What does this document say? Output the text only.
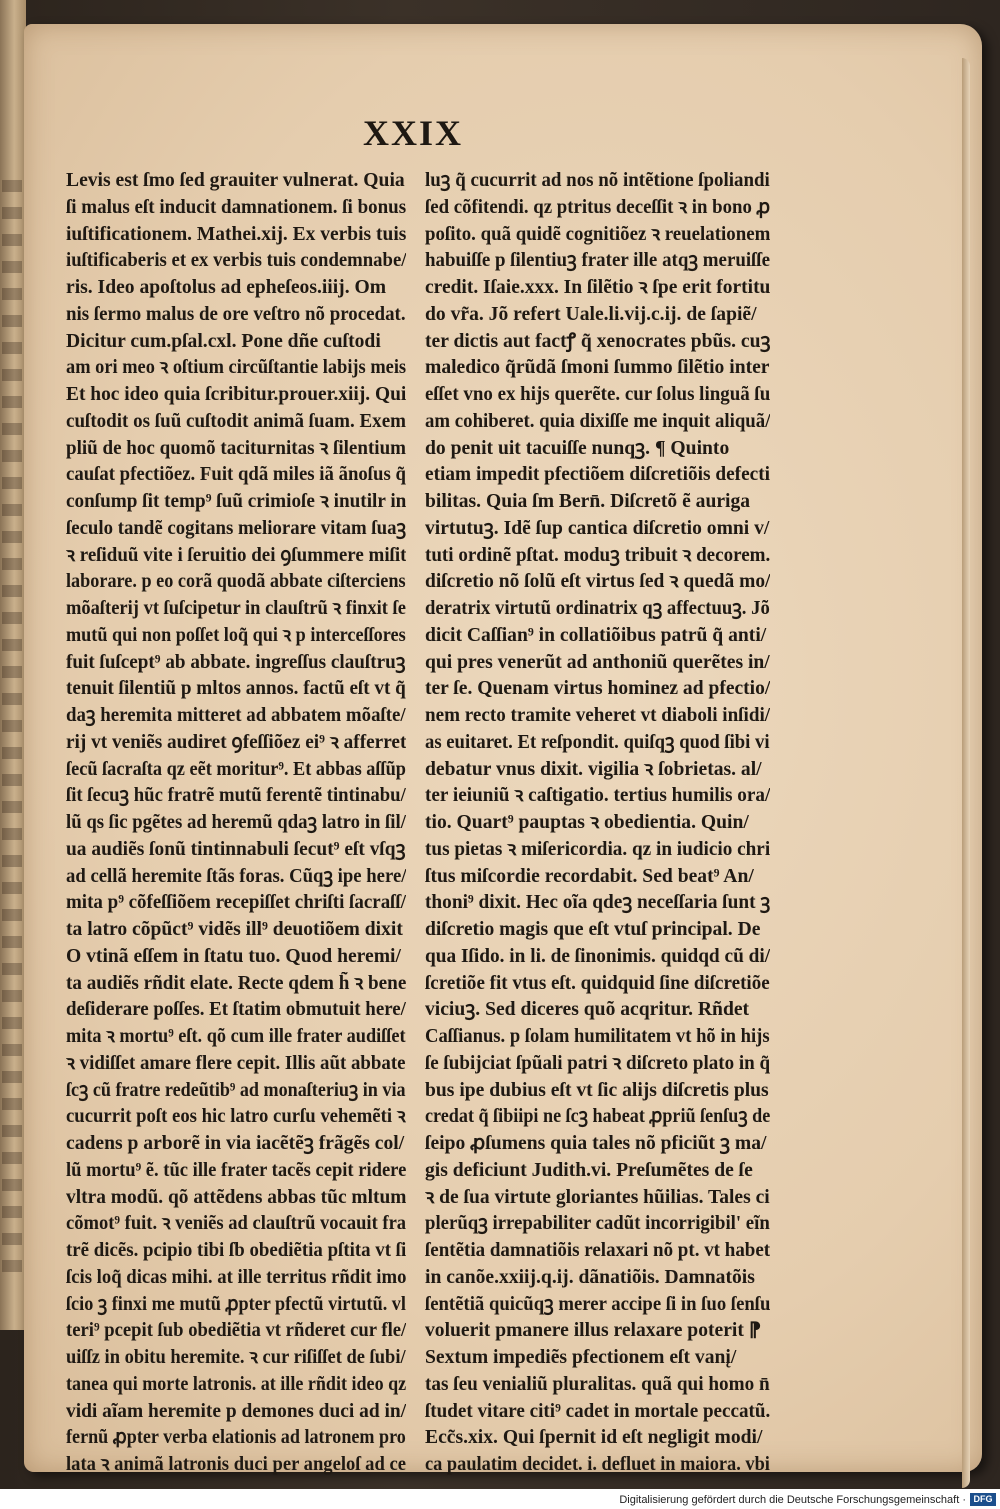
XXIX
Levis est ſmo ſed grauiter vulnerat. Quia
ſi malus eſt inducit damnationem. ſi bonus
iuſtificationem. Mathei.xij. Ex verbis tuis
iuſtificaberis et ex verbis tuis condemnabe/
ris. Ideo apoſtolus ad epheſeos.iiij. Om
nis ſermo malus de ore veſtro nõ procedat.
Dicitur cum.pſal.cxl. Pone dñe cuſtodi
am ori meo ꝛ oſtium circũſtantie labijs meis
Et hoc ideo quia ſcribitur.prouer.xiij. Qui
cuſtodit os ſuũ cuſtodit animã ſuam. Exem
pliũ de hoc quomõ taciturnitas ꝛ ſilentium
cauſat pfectiõez. Fuit qdã miles iã ãnoſus q̃
conſump ſit temp⁹ ſuũ crimioſe ꝛ inutilr in
ſeculo tandẽ cogitans meliorare vitam ſuaꝫ
ꝛ reſiduũ vite i ſeruitio dei ꝯſummere miſit
laborare. p eo corã quodã abbate ciſterciens
mõaſterij vt ſuſcipetur in clauſtrũ ꝛ finxit ſe
mutũ qui non poſſet loq̃ qui ꝛ p interceſſores
fuit ſuſcept⁹ ab abbate. ingreſſus clauſtruꝫ
tenuit ſilentiũ p mltos annos. factũ eſt vt q̃
daꝫ heremita mitteret ad abbatem mõaſte/
rij vt veniẽs audiret ꝯfeſſiõez ei⁹ ꝛ afferret
ſecũ ſacraſta qz eẽt moritur⁹. Et abbas aſſũp
ſit ſecuꝫ hũc fratrẽ mutũ ferentẽ tintinabu/
lũ qs ſic pgẽtes ad heremũ qdaꝫ latro in ſil/
ua audiẽs ſonũ tintinnabuli ſecut⁹ eſt vſqꝫ
ad cellã heremite ſtãs foras. Cũqꝫ ipe here/
mita p⁹ cõfeſſiõem recepiſſet chriſti ſacraſſ/
ta latro cõpũct⁹ vidẽs ill⁹ deuotiõem dixit
O vtinã eſſem in ſtatu tuo. Quod heremi/
ta audiẽs rñdit elate. Recte qdem h̃ ꝛ bene
deſiderare poſſes. Et ſtatim obmutuit here/
mita ꝛ mortu⁹ eſt. qõ cum ille frater audiſſet
ꝛ vidiſſet amare flere cepit. Illis aũt abbate
ſcꝫ cũ fratre redeũtib⁹ ad monaſteriuꝫ in via
cucurrit poſt eos hic latro curſu vehemẽti ꝛ
cadens p arborẽ in via iacẽtẽꝫ frãgẽs col/
lũ mortu⁹ ẽ. tũc ille frater tacẽs cepit ridere
vltra modũ. qõ attẽdens abbas tũc mltum
cõmot⁹ fuit. ꝛ veniẽs ad clauſtrũ vocauit fra
trẽ dicẽs. pcipio tibi ſb obediẽtia pſtita vt ſi
ſcis loq̃ dicas mihi. at ille territus rñdit imo
ſcio ꝫ finxi me mutũ ꝓpter pfectũ virtutũ. vl
teri⁹ pcepit ſub obediẽtia vt rñderet cur fle/
uiſſz in obitu heremite. ꝛ cur riſiſſet de ſubi/
tanea qui morte latronis. at ille rñdit ideo qz
vidi aĩam heremite p demones duci ad in/
fernũ ꝓpter verba elationis ad latronem pro
lata ꝛ animã latronis duci per angeloſ ad ce
luꝫ q̃ cucurrit ad nos nõ intẽtione ſpoliandi
ſed cõfitendi. qz ptritus deceſſit ꝛ in bono ꝓ
poſito. quã quidẽ cognitiõez ꝛ reuelationem
habuiſſe p ſilentiuꝫ frater ille atqꝫ meruiſſe
credit. Iſaie.xxx. In ſilẽtio ꝛ ſpe erit fortitu
do vr̃a. Jõ refert Uale.li.vij.c.ij. de ſapiẽ/
ter dictis aut factꝭ q̃ xenocrates pbũs. cuꝫ
maledico q̃rũdã ſmoni ſummo ſilẽtio inter
eſſet vno ex hijs querẽte. cur ſolus linguã ſu
am cohiberet. quia dixiſſe me inquit aliquã/
do penit uit tacuiſſe nunqꝫ. ¶ Quinto
etiam impedit pfectiõem diſcretiõis defecti
bilitas. Quia ſm Bern̄. Diſcretõ ẽ auriga
virtutuꝫ. Idẽ ſup cantica diſcretio omni v/
tuti ordinẽ pſtat. moduꝫ tribuit ꝛ decorem.
diſcretio nõ ſolũ eſt virtus ſed ꝛ quedã mo/
deratrix virtutũ ordinatrix qꝫ affectuuꝫ. Jõ
dicit Caſſian⁹ in collatiõibus patrũ q̃ anti/
qui pres venerũt ad anthoniũ querẽtes in/
ter ſe. Quenam virtus hominez ad pfectio/
nem recto tramite veheret vt diaboli inſidi/
as euitaret. Et reſpondit. quiſqꝫ quod ſibi vi
debatur vnus dixit. vigilia ꝛ ſobrietas. al/
ter ieiuniũ ꝛ caſtigatio. tertius humilis ora/
tio. Quart⁹ pauptas ꝛ obedientia. Quin/
tus pietas ꝛ miſericordia. qz in iudicio chri
ſtus miſcordie recordabit. Sed beat⁹ An/
thoni⁹ dixit. Hec oĩa qdeꝫ neceſſaria ſunt ꝫ
diſcretio magis que eſt vtuſ principal. De
qua Iſido. in li. de ſinonimis. quidqd cũ di/
ſcretiõe fit vtus eſt. quidquid ſine diſcretiõe
viciuꝫ. Sed diceres quõ acqritur. Rñdet
Caſſianus. p ſolam humilitatem vt hõ in hijs
ſe ſubijciat ſpũali patri ꝛ diſcreto plato in q̃
bus ipe dubius eſt vt ſic alijs diſcretis plus
credat q̃ ſibiipi ne ſcꝫ habeat ꝓpriũ ſenſuꝫ de
ſeipo ꝓſumens quia tales nõ pficiũt ꝫ ma/
gis deficiunt Judith.vi. Preſumẽtes de ſe
ꝛ de ſua virtute gloriantes hũilias. Tales ci
plerũqꝫ irrepabiliter cadũt incorrigibil' eĩn
ſentẽtia damnatiõis relaxari nõ pt. vt habet
in canõe.xxiij.q.ij. dãnatiõis. Damnatõis
ſentẽtiã quicũqꝫ merer accipe ſi in ſuo ſenſu
voluerit pmanere illus relaxare poterit ⁋
Sextum impediẽs pfectionem eſt vanį/
tas ſeu venialiũ pluralitas. quã qui homo n̄
ſtudet vitare citi⁹ cadet in mortale peccatũ.
Ecc̃s.xix. Qui ſpernit id eſt negligit modi/
ca paulatim decidet. i. defluet in maiora. vbi
Digitalisierung gefördert durch die Deutsche Forschungsgemeinschaft · DFG
